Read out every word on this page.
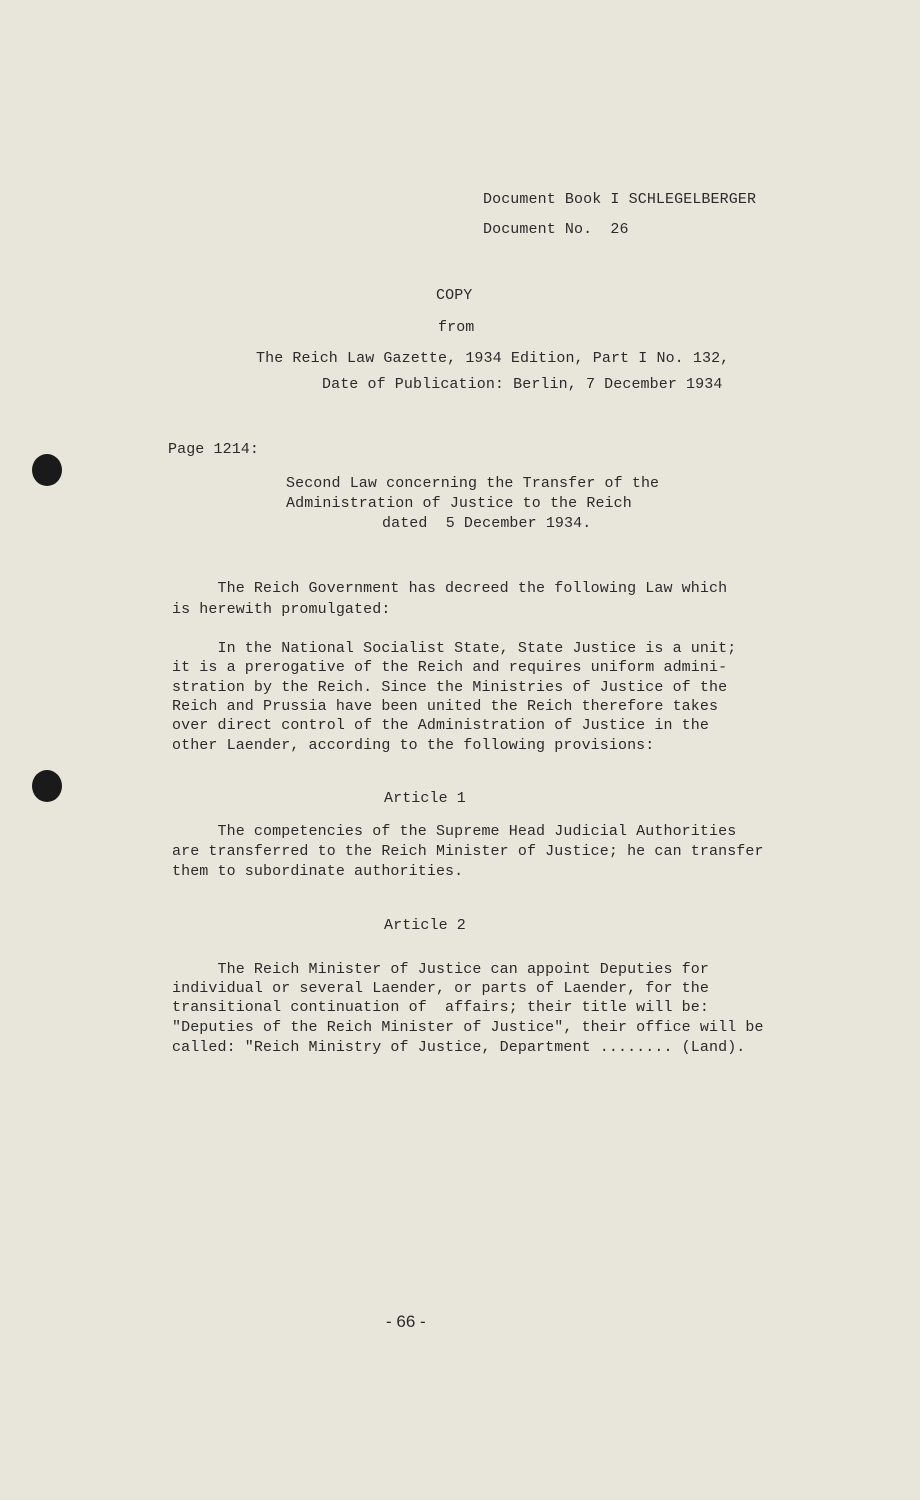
Document Book I SCHLEGELBERGER
Document No.  26
COPY
from
The Reich Law Gazette, 1934 Edition, Part I No. 132,
Date of Publication: Berlin, 7 December 1934
Page 1214:
Second Law concerning the Transfer of the
Administration of Justice to the Reich
dated  5 December 1934.
The Reich Government has decreed the following Law which
is herewith promulgated:
In the National Socialist State, State Justice is a unit;
it is a prerogative of the Reich and requires uniform admini-
stration by the Reich. Since the Ministries of Justice of the
Reich and Prussia have been united the Reich therefore takes
over direct control of the Administration of Justice in the
other Laender, according to the following provisions:
Article 1
The competencies of the Supreme Head Judicial Authorities
are transferred to the Reich Minister of Justice; he can transfer
them to subordinate authorities.
Article 2
The Reich Minister of Justice can appoint Deputies for
individual or several Laender, or parts of Laender, for the
transitional continuation of  affairs; their title will be:
"Deputies of the Reich Minister of Justice", their office will be
called: "Reich Ministry of Justice, Department ........ (Land).
- 66 -
